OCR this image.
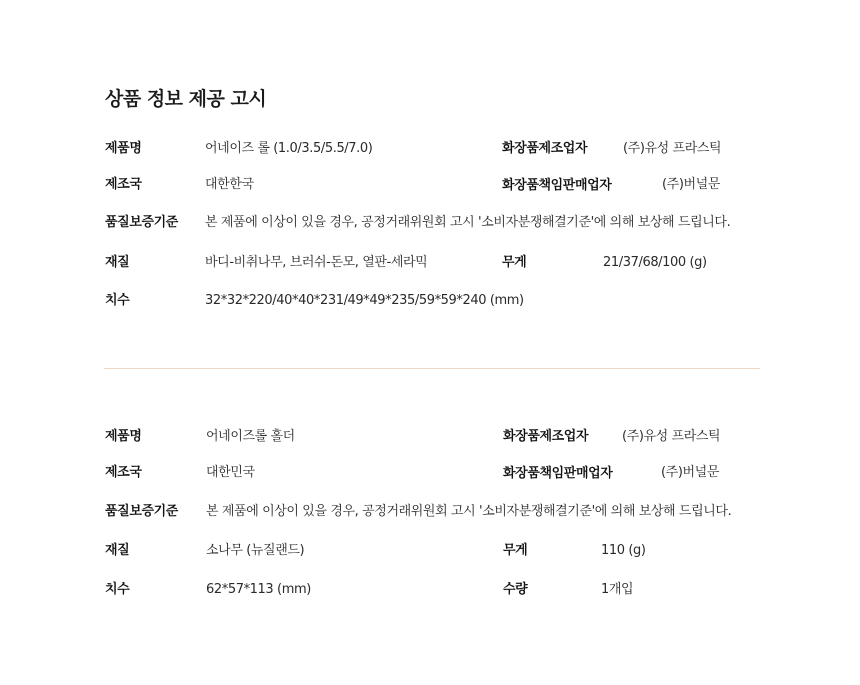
상품 정보 제공 고시
제품명	어네이즈 롤 (1.0/3.5/5.5/7.0)	화장품제조업자	(주)유성 프라스틱
제조국	대한한국	화장품책임판매업자	(주)버널문
품질보증기준 본 제품에 이상이 있을 경우, 공정거래위원회 고시 '소비자분쟁해결기준'에 의해 보상해 드립니다.
재질	바디-비취나무, 브러쉬-돈모, 열판-세라믹	무게	21/37/68/100 (g)
치수	32*32*220/40*40*231/49*49*235/59*59*240 (mm)
제품명	어네이즈롤 홀더	화장품제조업자	(주)유성 프라스틱
제조국	대한민국	화장품책임판매업자	(주)버널문
품질보증기준 본 제품에 이상이 있을 경우, 공정거래위원회 고시 '소비자분쟁해결기준'에 의해 보상해 드립니다.
재질	소나무 (뉴질랜드)	무게	110 (g)
치수	62*57*113 (mm)	수량	1개입
